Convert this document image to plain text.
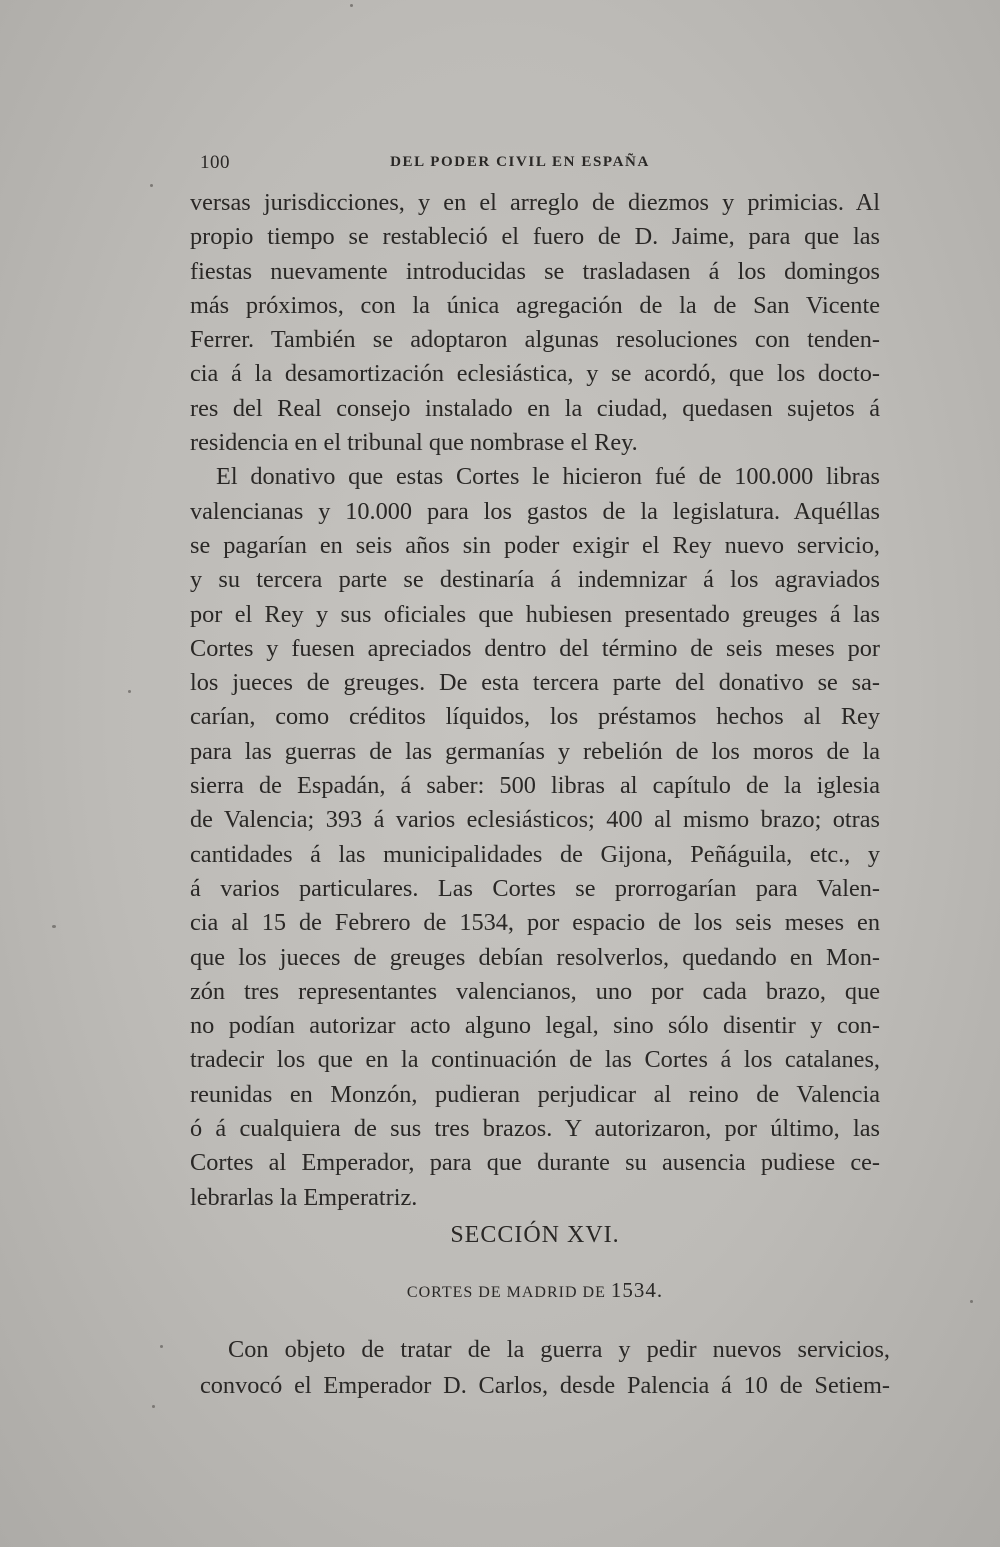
100	DEL PODER CIVIL EN ESPAÑA
versas jurisdicciones, y en el arreglo de diezmos y primicias. Al
propio tiempo se restableció el fuero de D. Jaime, para que las
fiestas nuevamente introducidas se trasladasen á los domingos
más próximos, con la única agregación de la de San Vicente
Ferrer. También se adoptaron algunas resoluciones con tenden-
cia á la desamortización eclesiástica, y se acordó, que los docto-
res del Real consejo instalado en la ciudad, quedasen sujetos á
residencia en el tribunal que nombrase el Rey.
El donativo que estas Cortes le hicieron fué de 100.000 libras
valencianas y 10.000 para los gastos de la legislatura. Aquéllas
se pagarían en seis años sin poder exigir el Rey nuevo servicio,
y su tercera parte se destinaría á indemnizar á los agraviados
por el Rey y sus oficiales que hubiesen presentado greuges á las
Cortes y fuesen apreciados dentro del término de seis meses por
los jueces de greuges. De esta tercera parte del donativo se sa-
carían, como créditos líquidos, los préstamos hechos al Rey
para las guerras de las germanías y rebelión de los moros de la
sierra de Espadán, á saber: 500 libras al capítulo de la iglesia
de Valencia; 393 á varios eclesiásticos; 400 al mismo brazo; otras
cantidades á las municipalidades de Gijona, Peñáguila, etc., y
á varios particulares. Las Cortes se prorrogarían para Valen-
cia al 15 de Febrero de 1534, por espacio de los seis meses en
que los jueces de greuges debían resolverlos, quedando en Mon-
zón tres representantes valencianos, uno por cada brazo, que
no podían autorizar acto alguno legal, sino sólo disentir y con-
tradecir los que en la continuación de las Cortes á los catalanes,
reunidas en Monzón, pudieran perjudicar al reino de Valencia
ó á cualquiera de sus tres brazos. Y autorizaron, por último, las
Cortes al Emperador, para que durante su ausencia pudiese ce-
lebrarlas la Emperatriz.
SECCIÓN XVI.
CORTES DE MADRID DE 1534.
Con objeto de tratar de la guerra y pedir nuevos servicios,
convocó el Emperador D. Carlos, desde Palencia á 10 de Setiem-
